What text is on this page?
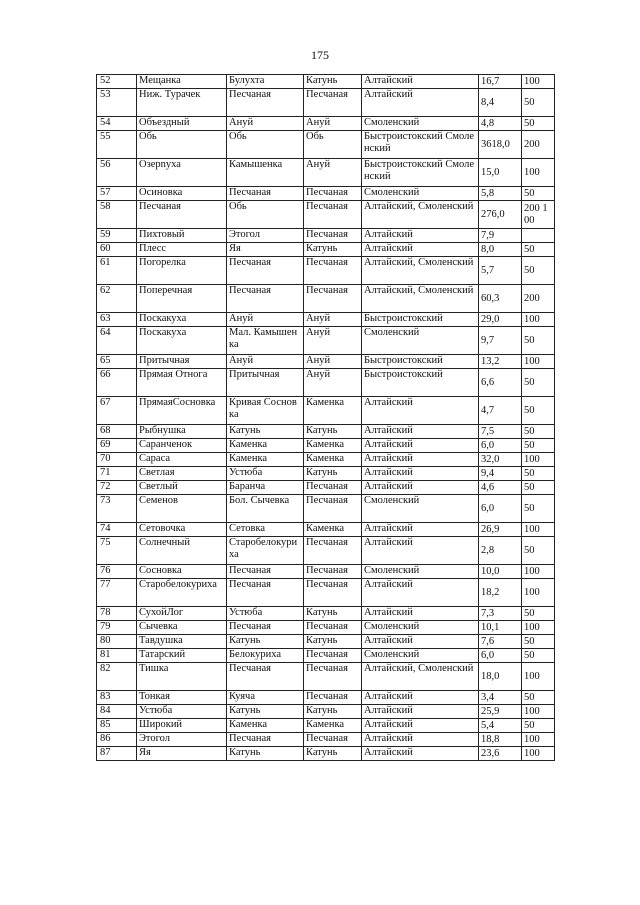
175
52	Мещанка	Булухта	Катунь	Алтайский	16,7	100
53	Ниж. Турачек	Песчаная	Песчаная	Алтайский	8,4	50
54	Объездный	Ануй	Ануй	Смоленский	4,8	50
55	Обь	Обь	Обь	Быстроистокский Смоленский	3618,0	200
56	Озерnуха	Камышенка	Ануй	Быстроистокский Смоленский	15,0	100
57	Осиновка	Песчаная	Песчаная	Смоленский	5,8	50
58	Песчаная	Обь	Песчаная	Алтайский, Смоленский	276,0	200 100
59	Пихтовый	Этогол	Песчаная	Алтайский	7,9	
60	Плесс	Яя	Катунь	Алтайский	8,0	50
61	Погорелка	Песчаная	Песчаная	Алтайский, Смоленский	5,7	50
62	Поперечная	Песчаная	Песчаная	Алтайский, Смоленский	60,3	200
63	Поскакуха	Ануй	Ануй	Быстроистокский	29,0	100
64	Поскакуха	Мал. Камышенка	Ануй	Смоленский	9,7	50
65	Притычная	Ануй	Ануй	Быстроистокский	13,2	100
66	Прямая Отнога	Притычная	Ануй	Быстроистокский	6,6	50
67	ПрямаяСосновка	Кривая Сосновка	Каменка	Алтайский	4,7	50
68	Рыбнушка	Катунь	Катунь	Алтайский	7,5	50
69	Саранченок	Каменка	Каменка	Алтайский	6,0	50
70	Сараса	Каменка	Каменка	Алтайский	32,0	100
71	Светлая	Устюба	Катунь	Алтайский	9,4	50
72	Светлый	Баранча	Песчаная	Алтайский	4,6	50
73	Семенов	Бол. Сычевка	Песчаная	Смоленский	6,0	50
74	Сетовочка	Сетовка	Каменка	Алтайский	26,9	100
75	Солнечный	Старобелокуриха	Песчаная	Алтайский	2,8	50
76	Сосновка	Песчаная	Песчаная	Смоленский	10,0	100
77	Старобелокуриха	Песчаная	Песчаная	Алтайский	18,2	100
78	СухойЛог	Устюба	Катунь	Алтайский	7,3	50
79	Сычевка	Песчаная	Песчаная	Смоленский	10,1	100
80	Тавдушка	Катунь	Катунь	Алтайский	7,6	50
81	Татарский	Белокуриха	Песчаная	Смоленский	6,0	50
82	Тишка	Песчаная	Песчаная	Алтайский, Смоленский	18,0	100
83	Тонкая	Куяча	Песчаная	Алтайский	3,4	50
84	Устюба	Катунь	Катунь	Алтайский	25,9	100
85	Широкий	Каменка	Каменка	Алтайский	5,4	50
86	Этогол	Песчаная	Песчаная	Алтайский	18,8	100
87	Яя	Катунь	Катунь	Алтайский	23,6	100
